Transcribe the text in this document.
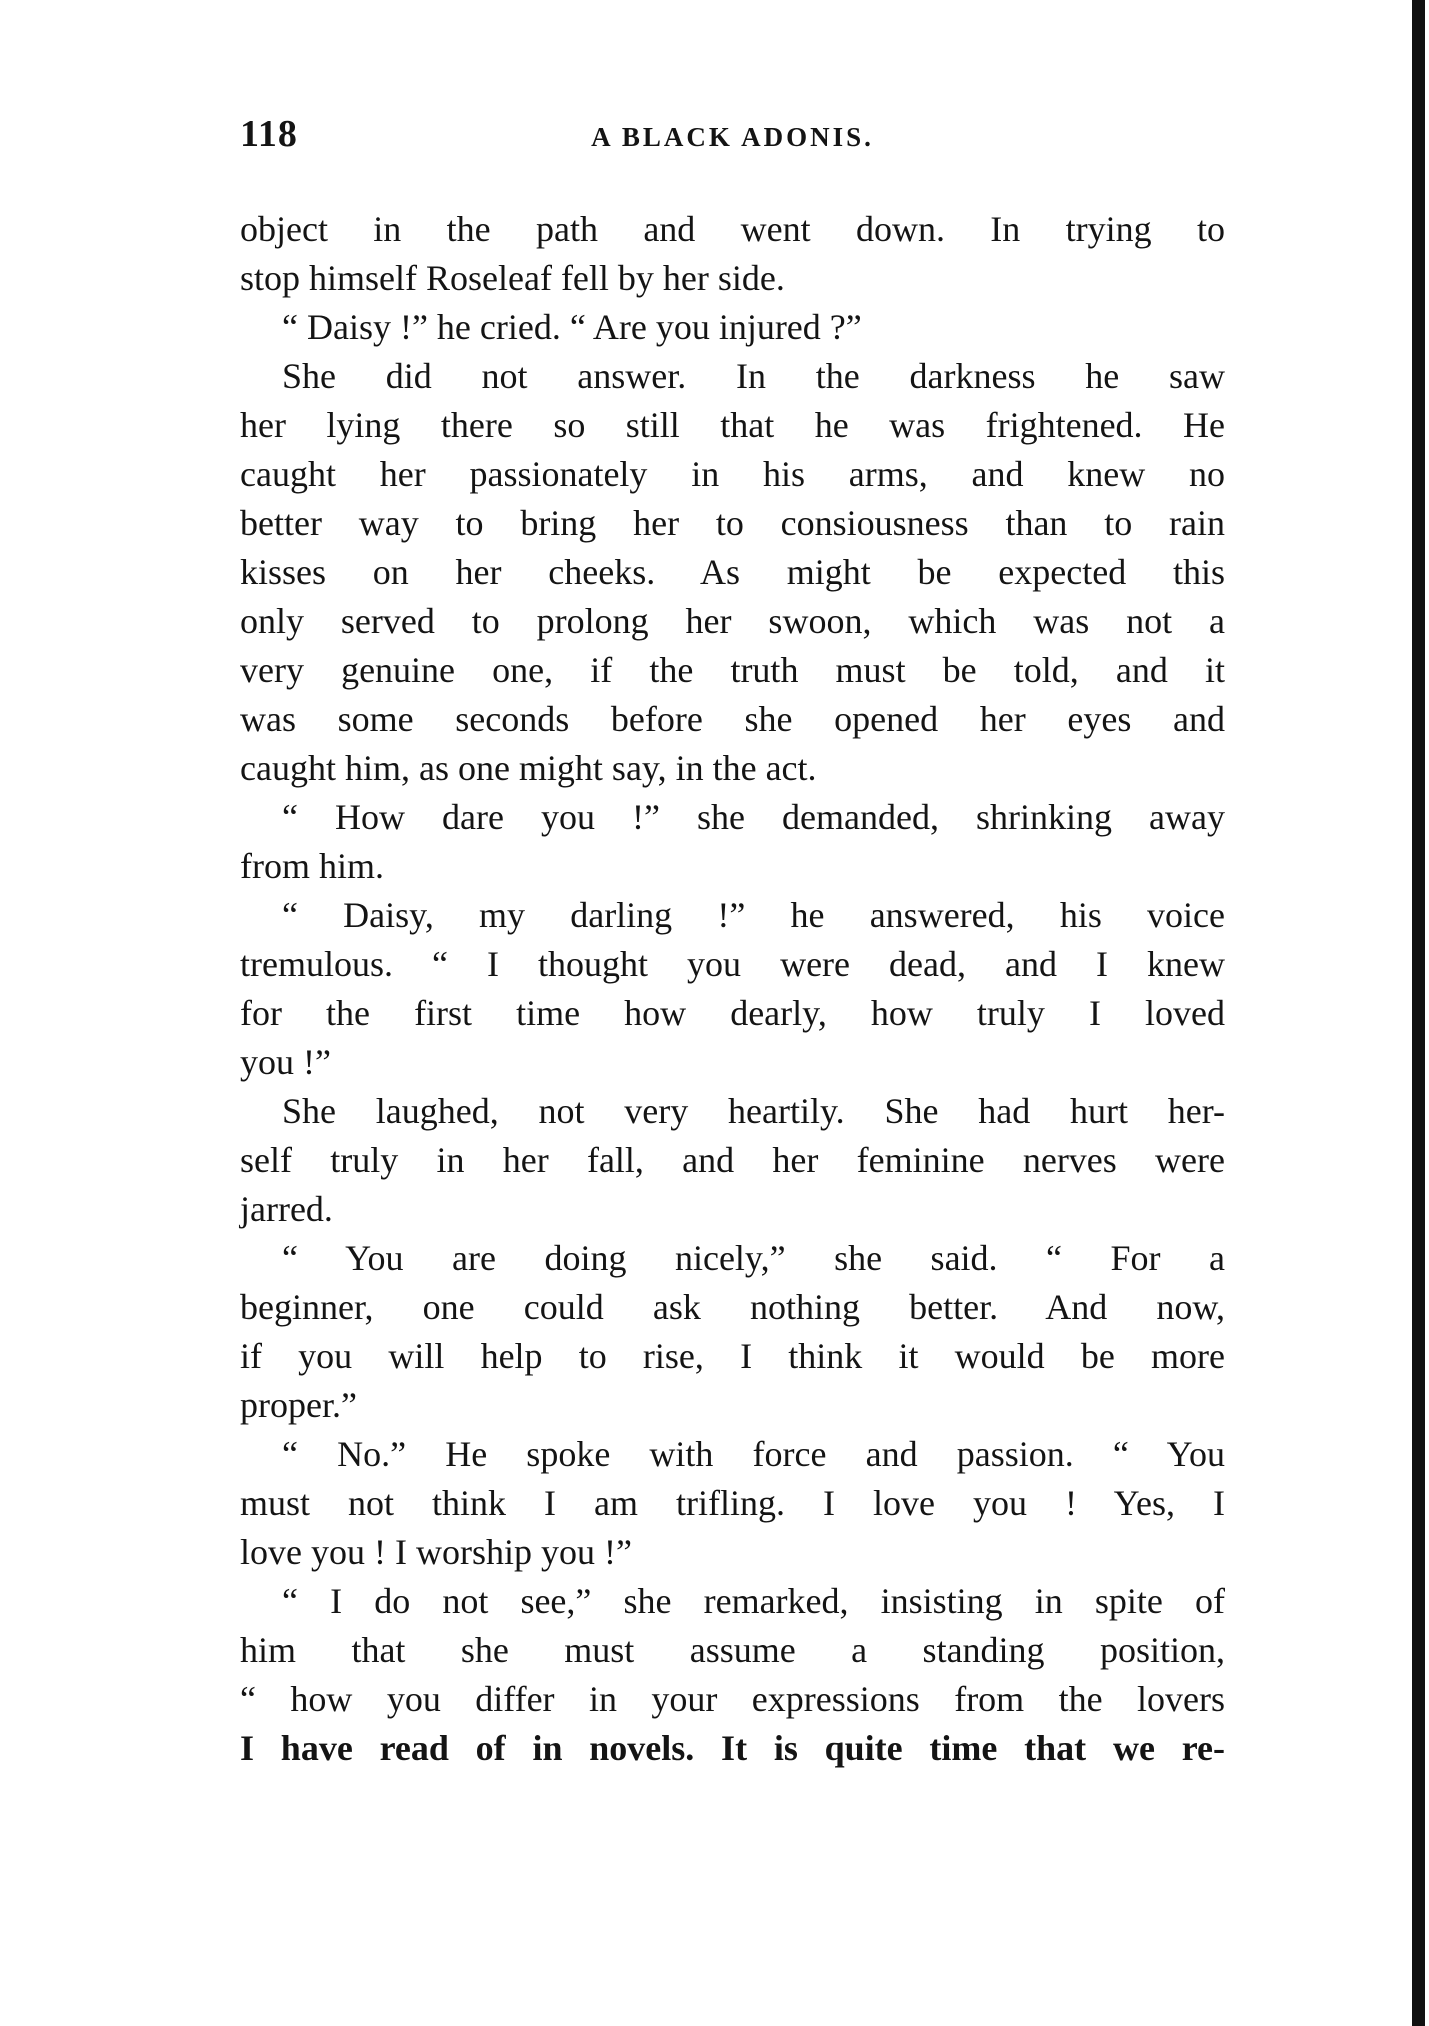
118	A BLACK ADONIS.
object in the path and went down. In trying to
stop himself Roseleaf fell by her side.
“ Daisy !” he cried. “ Are you injured ?”
She did not answer. In the darkness he saw
her lying there so still that he was frightened. He
caught her passionately in his arms, and knew no
better way to bring her to consiousness than to rain
kisses on her cheeks. As might be expected this
only served to prolong her swoon, which was not a
very genuine one, if the truth must be told, and it
was some seconds before she opened her eyes and
caught him, as one might say, in the act.
“ How dare you !” she demanded, shrinking away
from him.
“ Daisy, my darling !” he answered, his voice
tremulous. “ I thought you were dead, and I knew
for the first time how dearly, how truly I loved
you !”
She laughed, not very heartily. She had hurt her-
self truly in her fall, and her feminine nerves were
jarred.
“ You are doing nicely,” she said. “ For a
beginner, one could ask nothing better. And now,
if you will help to rise, I think it would be more
proper.”
“ No.” He spoke with force and passion. “ You
must not think I am trifling. I love you ! Yes, I
love you ! I worship you !”
“ I do not see,” she remarked, insisting in spite of
him that she must assume a standing position,
“ how you differ in your expressions from the lovers
I have read of in novels. It is quite time that we re-
